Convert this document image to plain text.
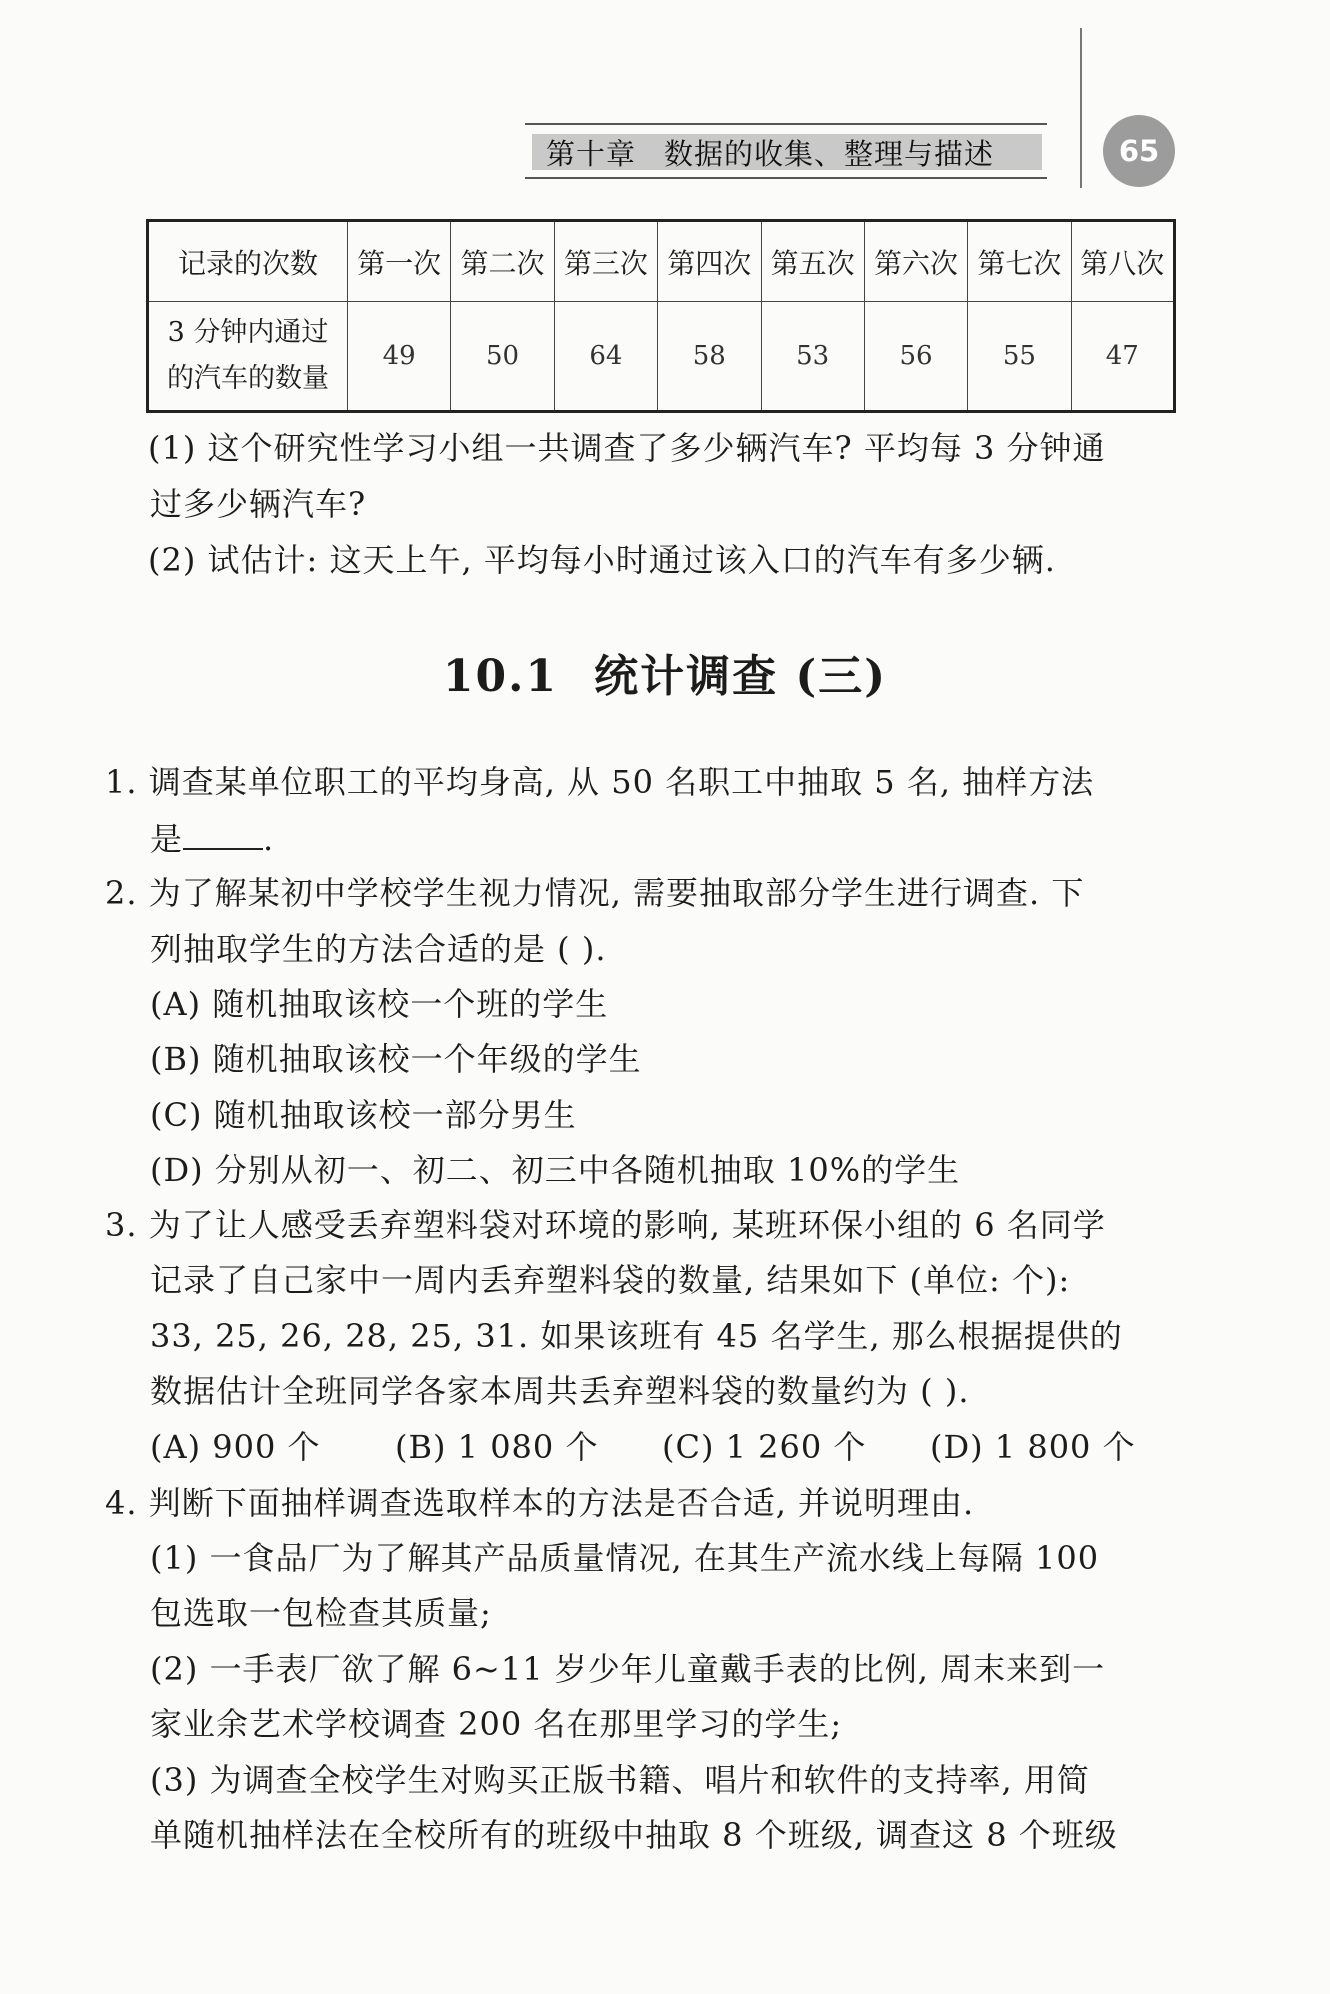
第十章 数据的收集、整理与描述	65
记录的次数	第一次	第二次	第三次	第四次	第五次	第六次	第七次	第八次

3 分钟内通过
的汽车的数量	49	50	64	58	53	56	55	47
(1) 这个研究性学习小组一共调查了多少辆汽车? 平均每 3 分钟通
过多少辆汽车?
(2) 试估计: 这天上午, 平均每小时通过该入口的汽车有多少辆.
10.1 统计调查 (三)
1. 调查某单位职工的平均身高, 从 50 名职工中抽取 5 名, 抽样方法
是	.
2. 为了解某初中学校学生视力情况, 需要抽取部分学生进行调查. 下
列抽取学生的方法合适的是 ( ).
(A) 随机抽取该校一个班的学生
(B) 随机抽取该校一个年级的学生
(C) 随机抽取该校一部分男生
(D) 分别从初一、初二、初三中各随机抽取 10%的学生
3. 为了让人感受丢弃塑料袋对环境的影响, 某班环保小组的 6 名同学
记录了自己家中一周内丢弃塑料袋的数量, 结果如下 (单位: 个):
33, 25, 26, 28, 25, 31. 如果该班有 45 名学生, 那么根据提供的
数据估计全班同学各家本周共丢弃塑料袋的数量约为 ( ).
(A) 900 个 (B) 1 080 个 (C) 1 260 个 (D) 1 800 个
4. 判断下面抽样调查选取样本的方法是否合适, 并说明理由.
(1) 一食品厂为了解其产品质量情况, 在其生产流水线上每隔 100
包选取一包检查其质量;
(2) 一手表厂欲了解 6~11 岁少年儿童戴手表的比例, 周末来到一
家业余艺术学校调查 200 名在那里学习的学生;
(3) 为调查全校学生对购买正版书籍、唱片和软件的支持率, 用简
单随机抽样法在全校所有的班级中抽取 8 个班级, 调查这 8 个班级
